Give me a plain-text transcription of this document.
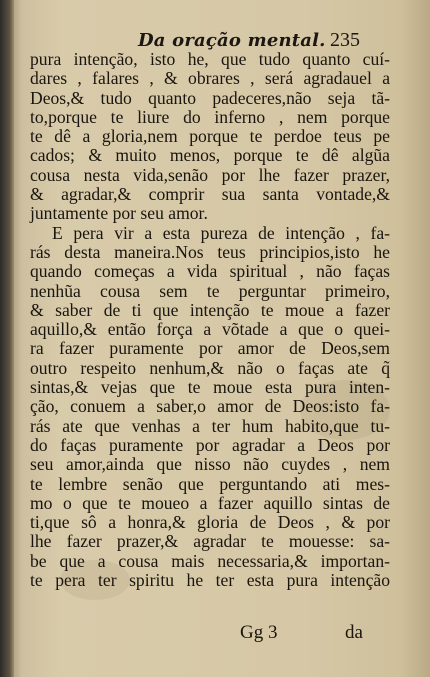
Da oração mental. 235
pura intenção, isto he, que tudo quanto cuí-
dares , falares , & obrares , será agradauel a
Deos,& tudo quanto padeceres,não seja tã-
to,porque te liure do inferno , nem porque
te dê a gloria,nem porque te perdoe teus pe
cados; & muito menos, porque te dê algũa
cousa nesta vida,senão por lhe fazer prazer,
& agradar,& comprir sua santa vontade,&
juntamente por seu amor.
E pera vir a esta pureza de intenção , fa-
rás desta maneira.Nos teus principios,isto he
quando começas a vida spiritual , não faças
nenhũa cousa sem te perguntar primeiro,
& saber de ti que intenção te moue a fazer
aquillo,& então força a võtade a que o quei-
ra fazer puramente por amor de Deos,sem
outro respeito nenhum,& não o faças ate q̃
sintas,& vejas que te moue esta pura inten-
ção, conuem a saber,o amor de Deos:isto fa-
rás ate que venhas a ter hum habito,que tu-
do faças puramente por agradar a Deos por
seu amor,ainda que nisso não cuydes , nem
te lembre senão que perguntando ati mes-
mo o que te moueo a fazer aquillo sintas de
ti,que sô a honra,& gloria de Deos , & por
lhe fazer prazer,& agradar te mouesse: sa-
be que a cousa mais necessaria,& importan-
te pera ter spiritu he ter esta pura intenção
Gg 3	da
